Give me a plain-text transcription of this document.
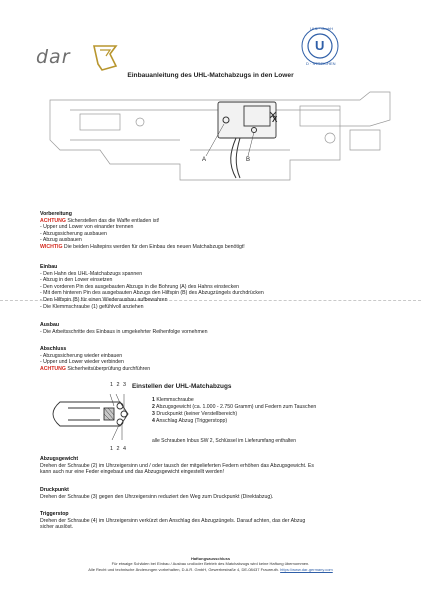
dar
UHL · GmbH
D · STREICHEN
U
Einbauanleitung des UHL-Matchabzugs in den Lower
X
A	B
Vorbereitung
ACHTUNG Sicherstellen das die Waffe entladen ist!
- Upper und Lower von einander trennen
- Abzugssicherung ausbauen
- Abzug ausbauen
WICHTIG Die beiden Haltepins werden für den Einbau des neuen Matchabzugs benötigt!
Einbau
- Den Hahn des UHL-Matchabzugs spannen
- Abzug in den Lower einsetzen
- Den vorderen Pin des ausgebauten Abzugs in die Bohrung (A) des Hahns einstecken
- Mit dem hinteren Pin des ausgebauten Abzugs den Hilfspin (B) des Abzugzüngels durchdrücken
- Den Hilfspin (B) für einen Wiederausbau aufbewahren
- Die Klemmschraube (1) gefühlvoll anziehen
Ausbau
- Die Arbeitsschritte des Einbaus in umgekehrter Reihenfolge vornehmen
Abschluss
- Abzugssicherung wieder einbauen
- Upper und Lower wieder verbinden
ACHTUNG Sicherheitsüberprüfung durchführen
1 2 3
1 2 4
Einstellen der UHL-Matchabzugs
1 Klemmschraube
2 Abzugsgewicht (ca. 1.000 - 2.750 Gramm) und Federn zum Tauschen
3 Druckpunkt (keiner Verstellbereich)
4 Anschlag Abzug (Triggerstopp)
alle Schrauben Inbus SW 2, Schlüssel im Lieferumfang enthalten
Abzugsgewicht
Drehen der Schraube (2) im Uhrzeigersinn und / oder tausch der mitgelieferten Federn erhöhen das Abzugsgewicht. Es
kann auch nur eine Feder eingebaut und das Abzugsgewicht eingestellt werden!
Druckpunkt
Drehen der Schraube (3) gegen den Uhrzeigersinn reduziert den Weg zum Druckpunkt (Direktabzug).
Triggerstop
Drehen der Schraube (4) im Uhrzeigersinn verkürzt den Anschlag des Abzugzüngels. Darauf achten, das der Abzug
sicher auslöst.
Haftungsausschluss
Für etwaige Schäden bei Einbau / Ausbau und/oder Betrieb des Matchabzugs wird keine Haftung übernommen.
Alle Recht und technische Änderungen vorbehalten, D.A.R. GmbH, Gewerbestraße 4, DE-08437 Fraureuth. https://www.dar-germany.com
